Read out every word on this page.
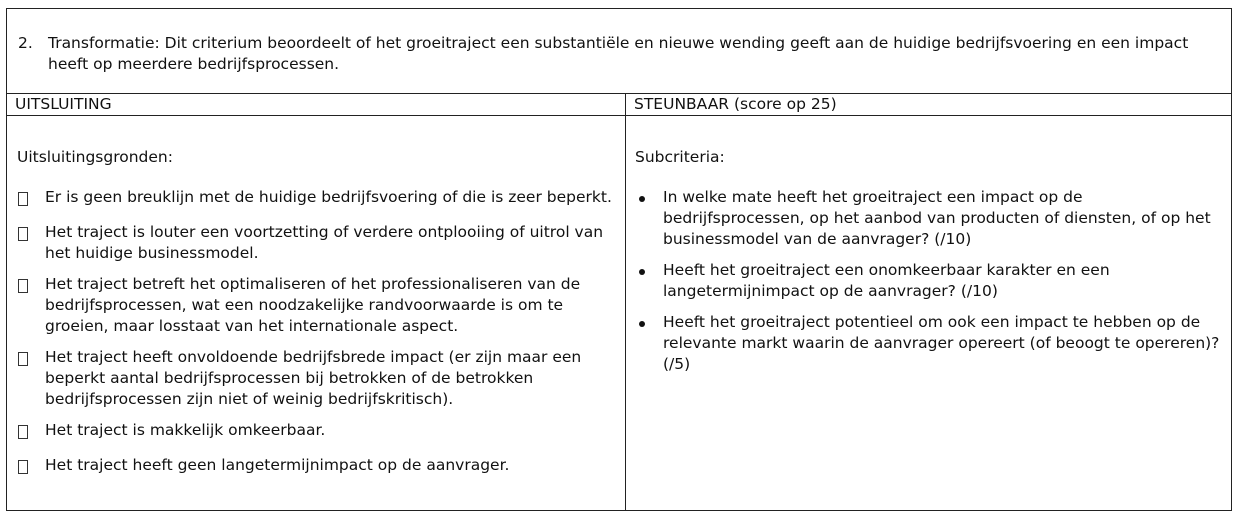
2. Transformatie: Dit criterium beoordeelt of het groeitraject een substantiële en nieuwe wending geeft aan de huidige bedrijfsvoering en een impact heeft op meerdere bedrijfsprocessen.

UITSLUITING	STEUNBAAR (score op 25)

Uitsluitingsgronden:

Er is geen breuklijn met de huidige bedrijfsvoering of die is zeer beperkt.
Het traject is louter een voortzetting of verdere ontplooiing of uitrol van het huidige businessmodel.
Het traject betreft het optimaliseren of het professionaliseren van de bedrijfsprocessen, wat een noodzakelijke randvoorwaarde is om te groeien, maar losstaat van het internationale aspect.
Het traject heeft onvoldoende bedrijfsbrede impact (er zijn maar een beperkt aantal bedrijfsprocessen bij betrokken of de betrokken bedrijfsprocessen zijn niet of weinig bedrijfskritisch).
Het traject is makkelijk omkeerbaar.
Het traject heeft geen langetermijnimpact op de aanvrager.

Subcriteria:

In welke mate heeft het groeitraject een impact op de bedrijfsprocessen, op het aanbod van producten of diensten, of op het businessmodel van de aanvrager? (/10)
Heeft het groeitraject een onomkeerbaar karakter en een langetermijnimpact op de aanvrager? (/10)
Heeft het groeitraject potentieel om ook een impact te hebben op de relevante markt waarin de aanvrager opereert (of beoogt te opereren)? (/5)
